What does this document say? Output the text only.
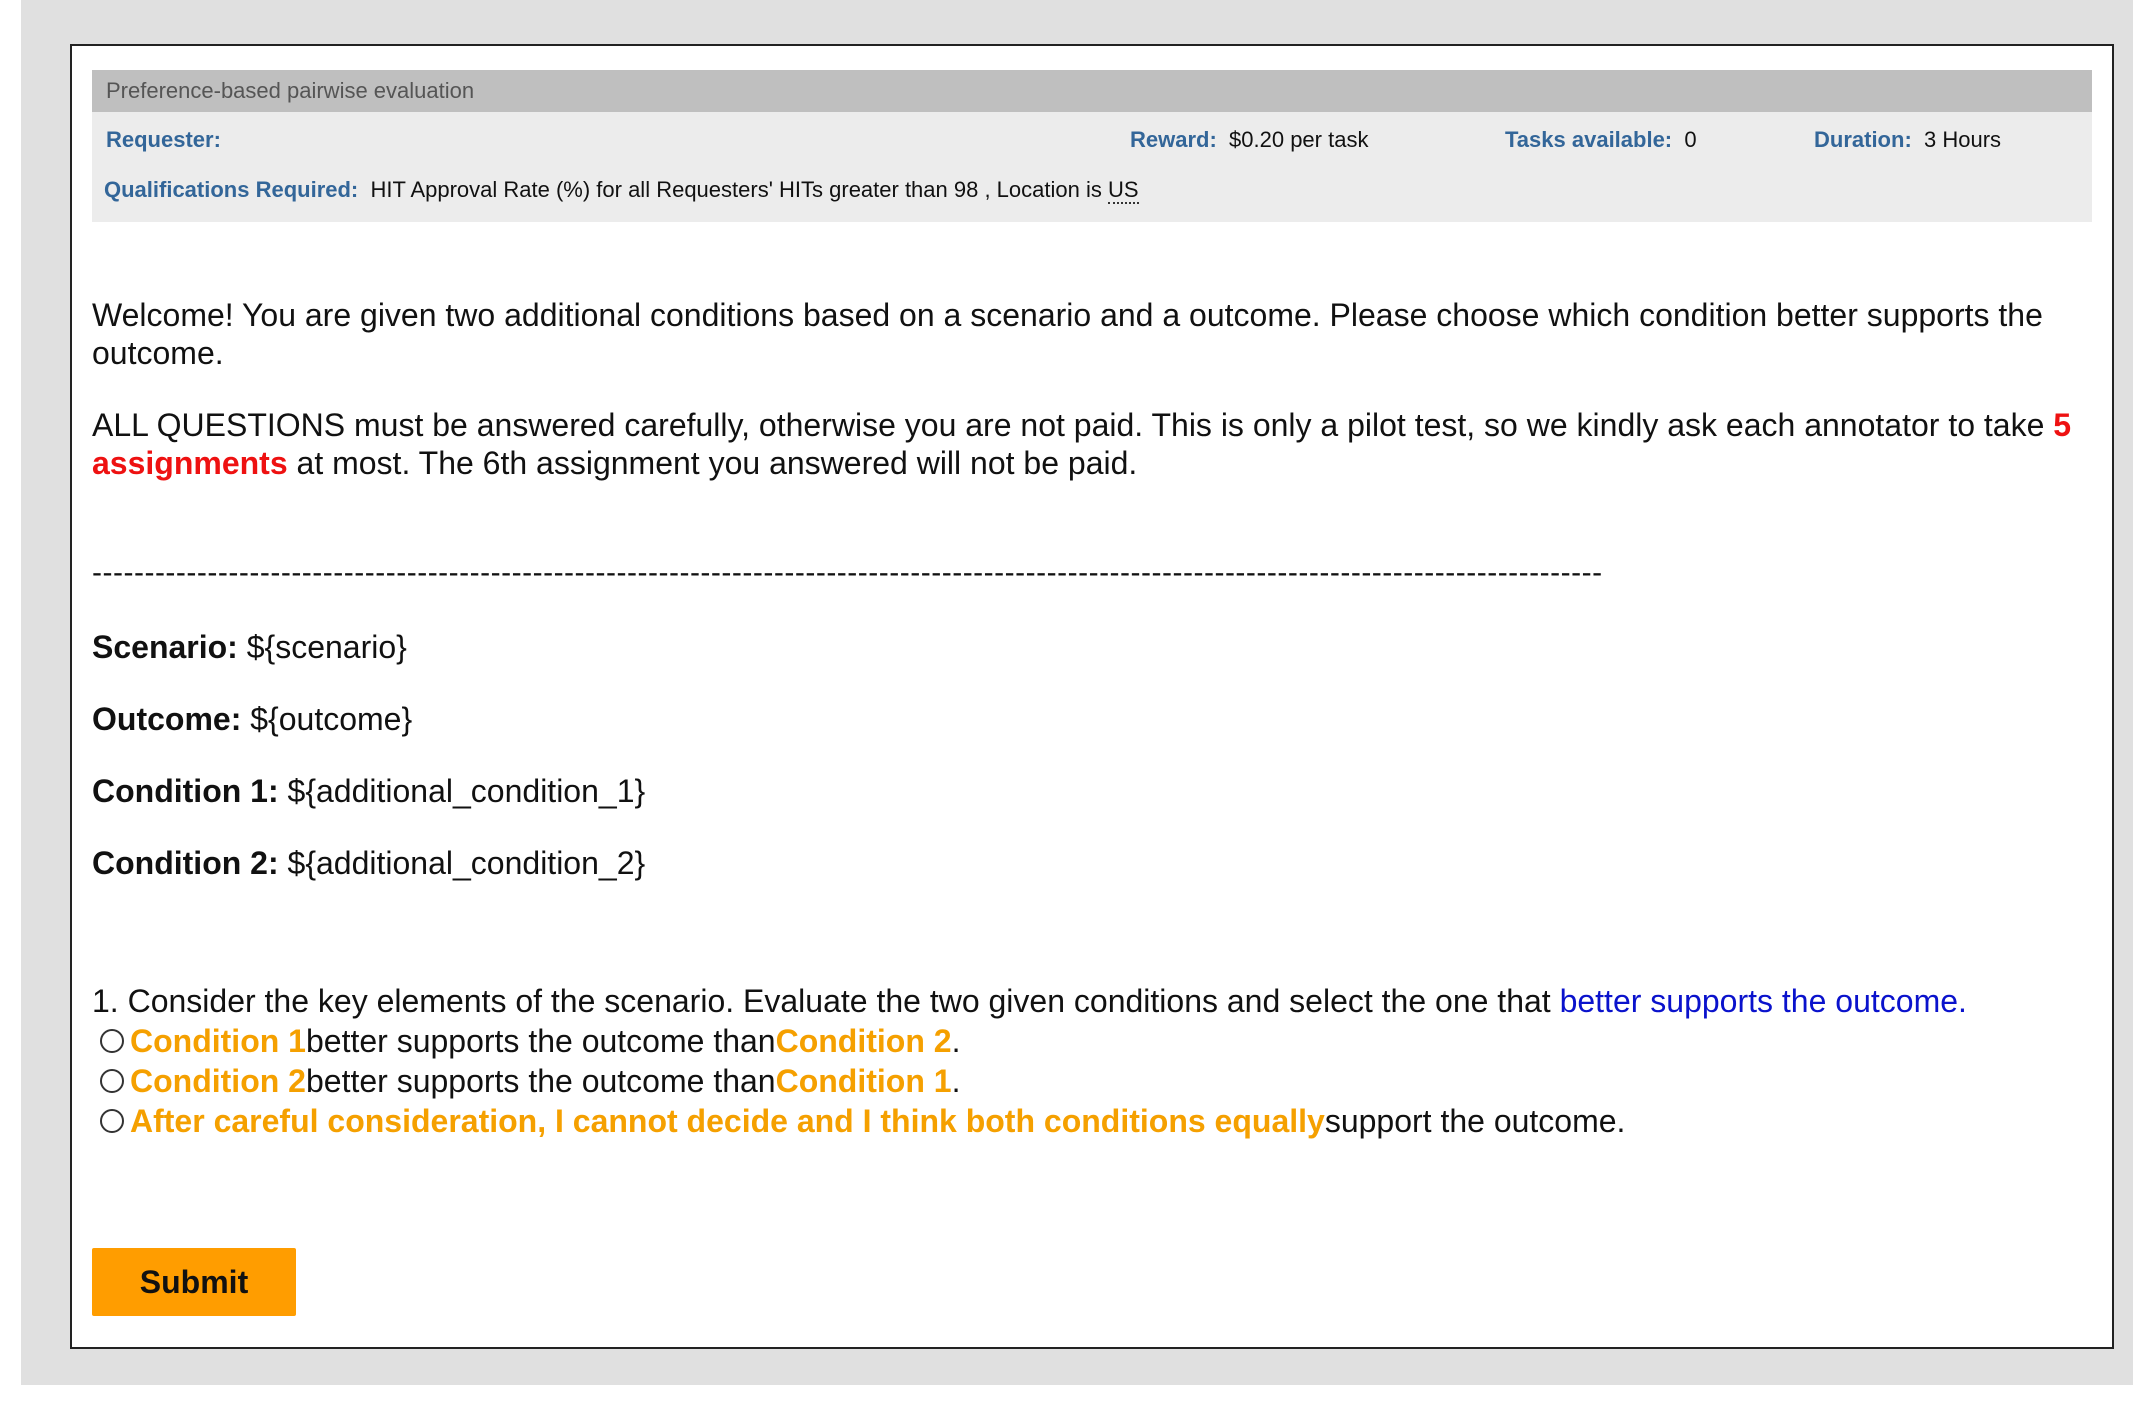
Preference-based pairwise evaluation
Requester:	Reward: $0.20 per task	Tasks available: 0	Duration: 3 Hours
Qualifications Required: HIT Approval Rate (%) for all Requesters' HITs greater than 98 , Location is US

Welcome! You are given two additional conditions based on a scenario and a outcome. Please choose which condition better supports the outcome.

ALL QUESTIONS must be answered carefully, otherwise you are not paid. This is only a pilot test, so we kindly ask each annotator to take 5 assignments at most. The 6th assignment you answered will not be paid.

------------------------------------------------------------------------------------------------------------------------------------------------
Scenario: ${scenario}
Outcome: ${outcome}
Condition 1: ${additional_condition_1}
Condition 2: ${additional_condition_2}
1. Consider the key elements of the scenario. Evaluate the two given conditions and select the one that better supports the outcome.
Condition 1 better supports the outcome than Condition 2 .
Condition 2 better supports the outcome than Condition 1 .
After careful consideration, I cannot decide and I think both conditions equally support the outcome.
Submit
